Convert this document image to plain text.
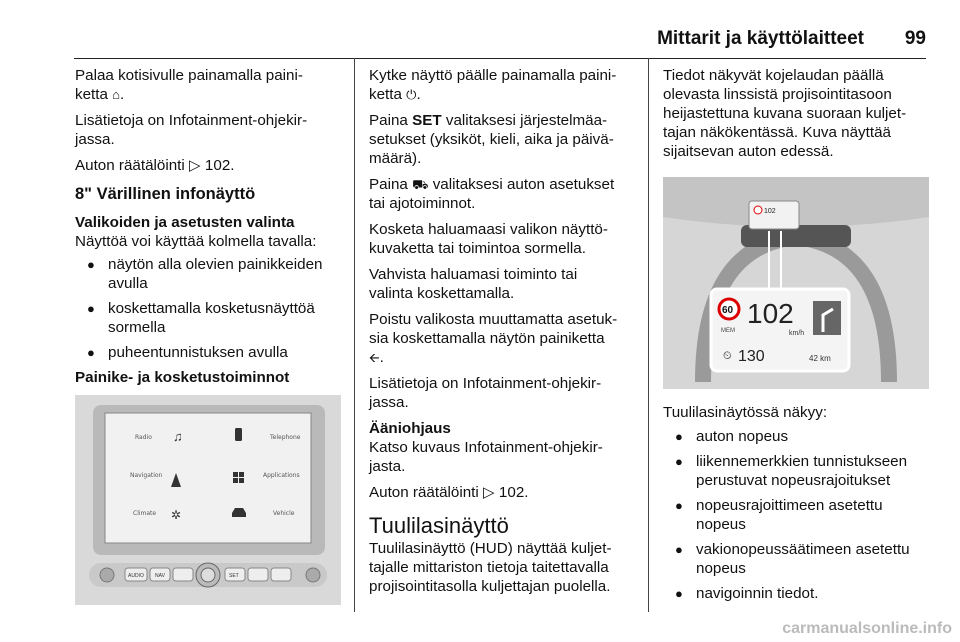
Mittarit ja käyttölaitteet 99

Palaa kotisivulle painamalla paini-
ketta ⌂.

Lisätietoja on Infotainment-ohjekir-
jassa.

Auton räätälöinti ▷ 102.

8" Värillinen infonäyttö
Valikoiden ja asetusten valinta

Näyttöä voi käyttää kolmella tavalla:

● näytön alla olevien painikkeiden
avulla
● koskettamalla kosketusnäyttöä
sormella
● puheentunnistuksen avulla
Painike- ja kosketustoiminnot
Radio	Telephone
Navigation	Applications
Climate	Vehicle
♫
✲
AUDIO NAV	SET

Kytke näyttö päälle painamalla paini-
ketta ⏻.

Paina SET valitaksesi järjestelmäa-
setukset (yksiköt, kieli, aika ja päivä-
määrä).

Paina ⛟ valitaksesi auton asetukset
tai ajotoiminnot.

Kosketa haluamaasi valikon näyttö-
kuvaketta tai toimintoa sormella.

Vahvista haluamasi toiminto tai
valinta koskettamalla.

Poistu valikosta muuttamatta asetuk-
sia koskettamalla näytön painiketta
🡨.

Lisätietoja on Infotainment-ohjekir-
jassa.

Ääniohjaus

Katso kuvaus Infotainment-ohjekir-
jasta.

Auton räätälöinti ▷ 102.

Tuulilasinäyttö

Tuulilasinäyttö (HUD) näyttää kuljet-
tajalle mittariston tietoja taitettavalla
projisointitasolla kuljettajan puolella.

Tiedot näkyvät kojelaudan päällä
olevasta linssistä projisointitasoon
heijastettuna kuvana suoraan kuljet-
tajan näkökentässä. Kuva näyttää
sijaitsevan auton edessä.

102
60
MEM
102
km/h
⏲ 130	42 km

Tuulilasinäytössä näkyy:

● auton nopeus
● liikennemerkkien tunnistukseen
perustuvat nopeusrajoitukset
● nopeusrajoittimeen asetettu
nopeus
● vakionopeussäätimeen asetettu
nopeus
● navigoinnin tiedot.
carmanualsonline.info
